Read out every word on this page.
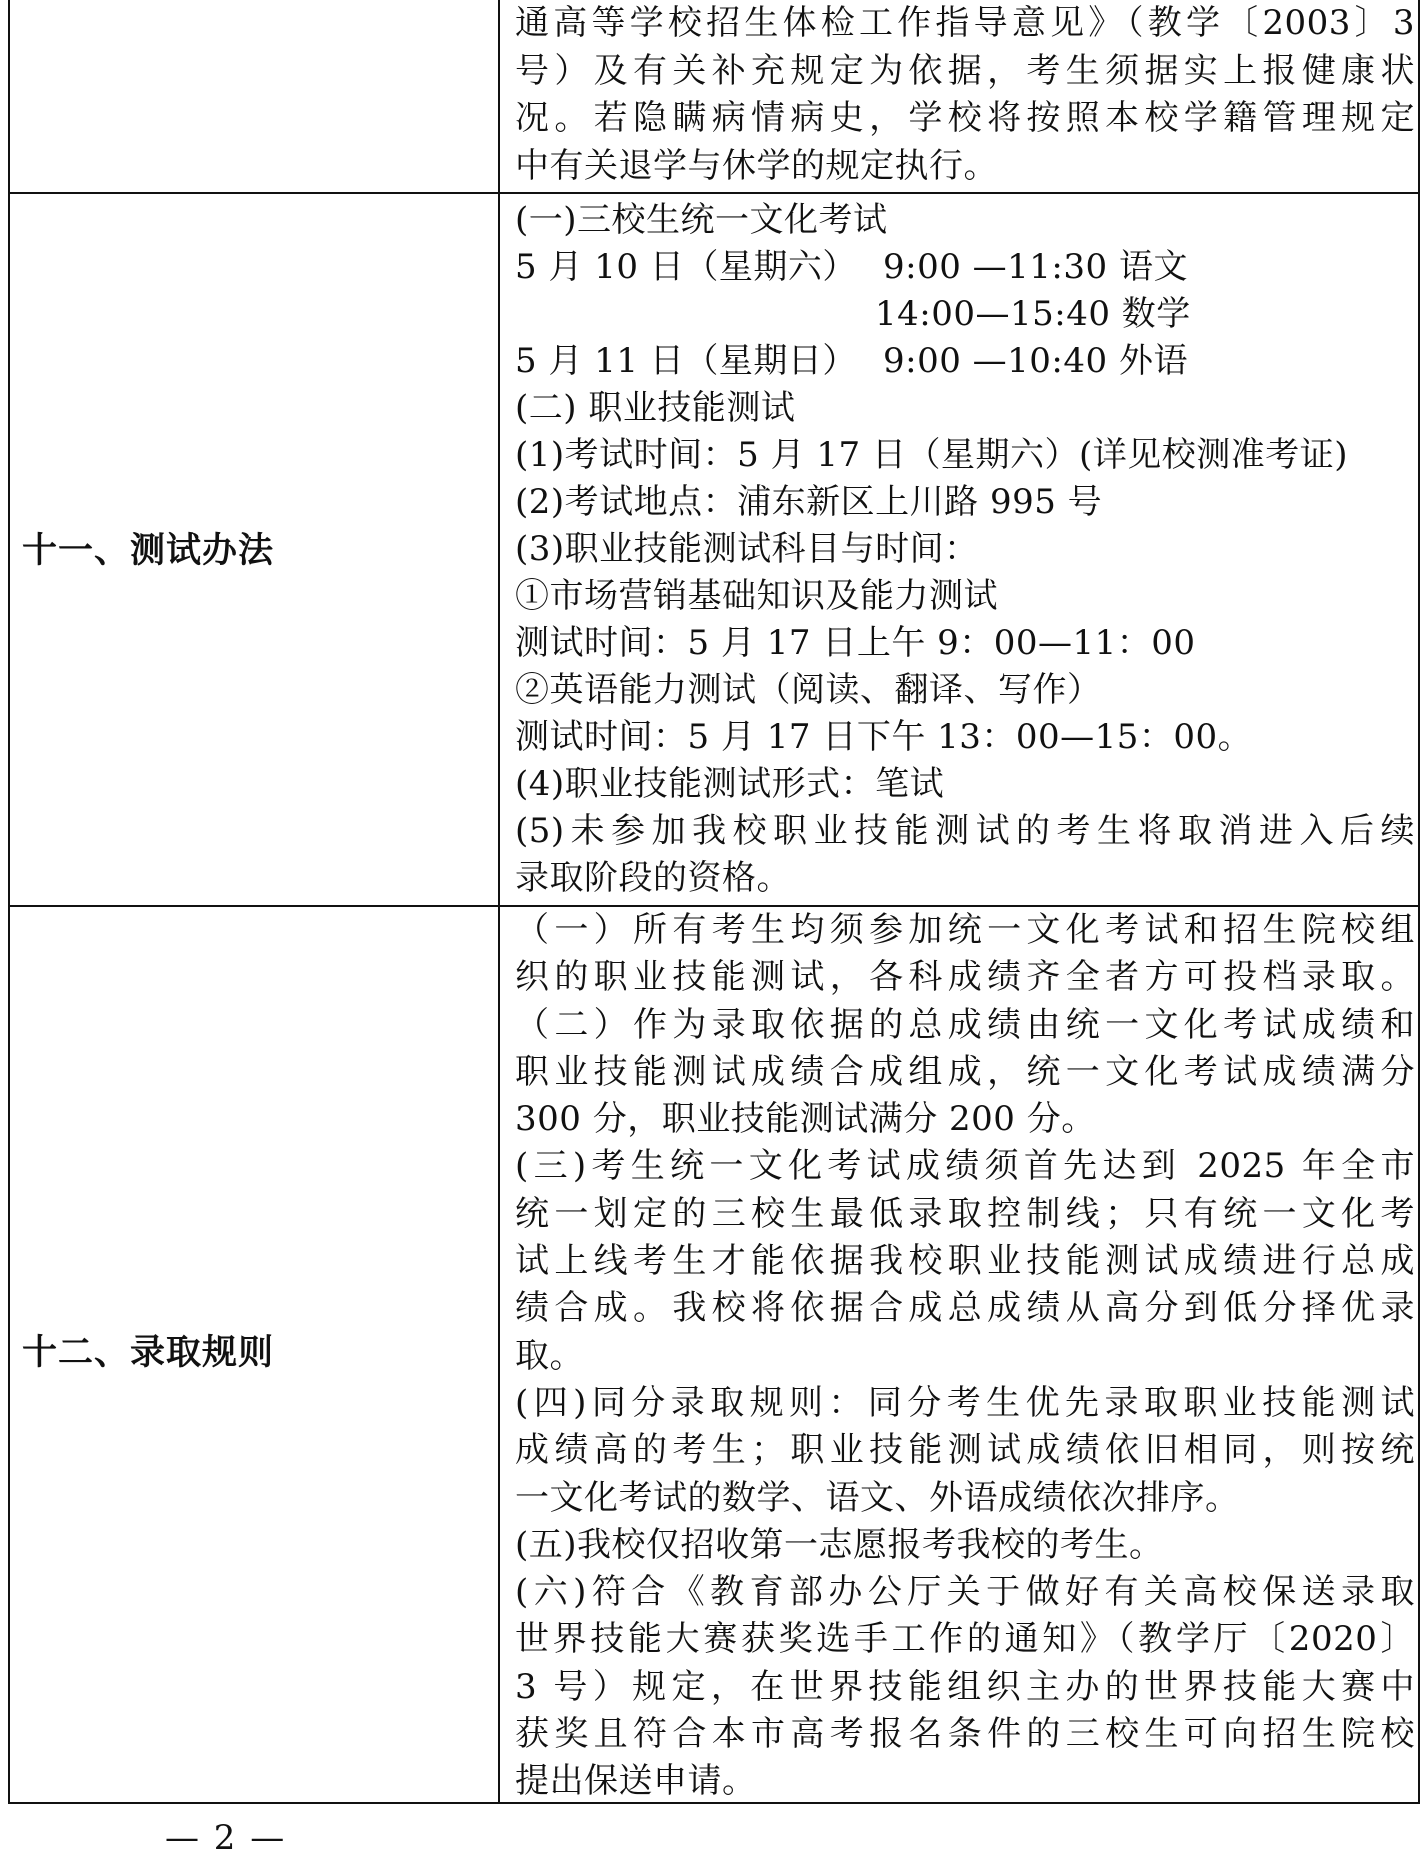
通高等学校招生体检工作指导意见》（教学〔2003〕3
号）及有关补充规定为依据，考生须据实上报健康状
况。若隐瞒病情病史，学校将按照本校学籍管理规定
中有关退学与休学的规定执行。
十一、测试办法
(一)三校生统一文化考试
5 月 10 日（星期六） 9:00 —11:30 语文
14:00—15:40 数学
5 月 11 日（星期日） 9:00 —10:40 外语
(二) 职业技能测试
(1)考试时间：5 月 17 日（星期六）(详见校测准考证)
(2)考试地点：浦东新区上川路 995 号
(3)职业技能测试科目与时间：
①市场营销基础知识及能力测试
测试时间：5 月 17 日上午 9：00—11：00
②英语能力测试（阅读、翻译、写作）
测试时间：5 月 17 日下午 13：00—15：00。
(4)职业技能测试形式：笔试
(5)未参加我校职业技能测试的考生将取消进入后续
录取阶段的资格。
十二、录取规则
（一）所有考生均须参加统一文化考试和招生院校组
织的职业技能测试，各科成绩齐全者方可投档录取。
（二）作为录取依据的总成绩由统一文化考试成绩和
职业技能测试成绩合成组成，统一文化考试成绩满分
300 分，职业技能测试满分 200 分。
(三)考生统一文化考试成绩须首先达到 2025 年全市
统一划定的三校生最低录取控制线；只有统一文化考
试上线考生才能依据我校职业技能测试成绩进行总成
绩合成。我校将依据合成总成绩从高分到低分择优录
取。
(四)同分录取规则：同分考生优先录取职业技能测试
成绩高的考生；职业技能测试成绩依旧相同，则按统
一文化考试的数学、语文、外语成绩依次排序。
(五)我校仅招收第一志愿报考我校的考生。
(六)符合《教育部办公厅关于做好有关高校保送录取
世界技能大赛获奖选手工作的通知》（教学厅〔2020〕
3 号）规定，在世界技能组织主办的世界技能大赛中
获奖且符合本市高考报名条件的三校生可向招生院校
提出保送申请。
— 2 —
